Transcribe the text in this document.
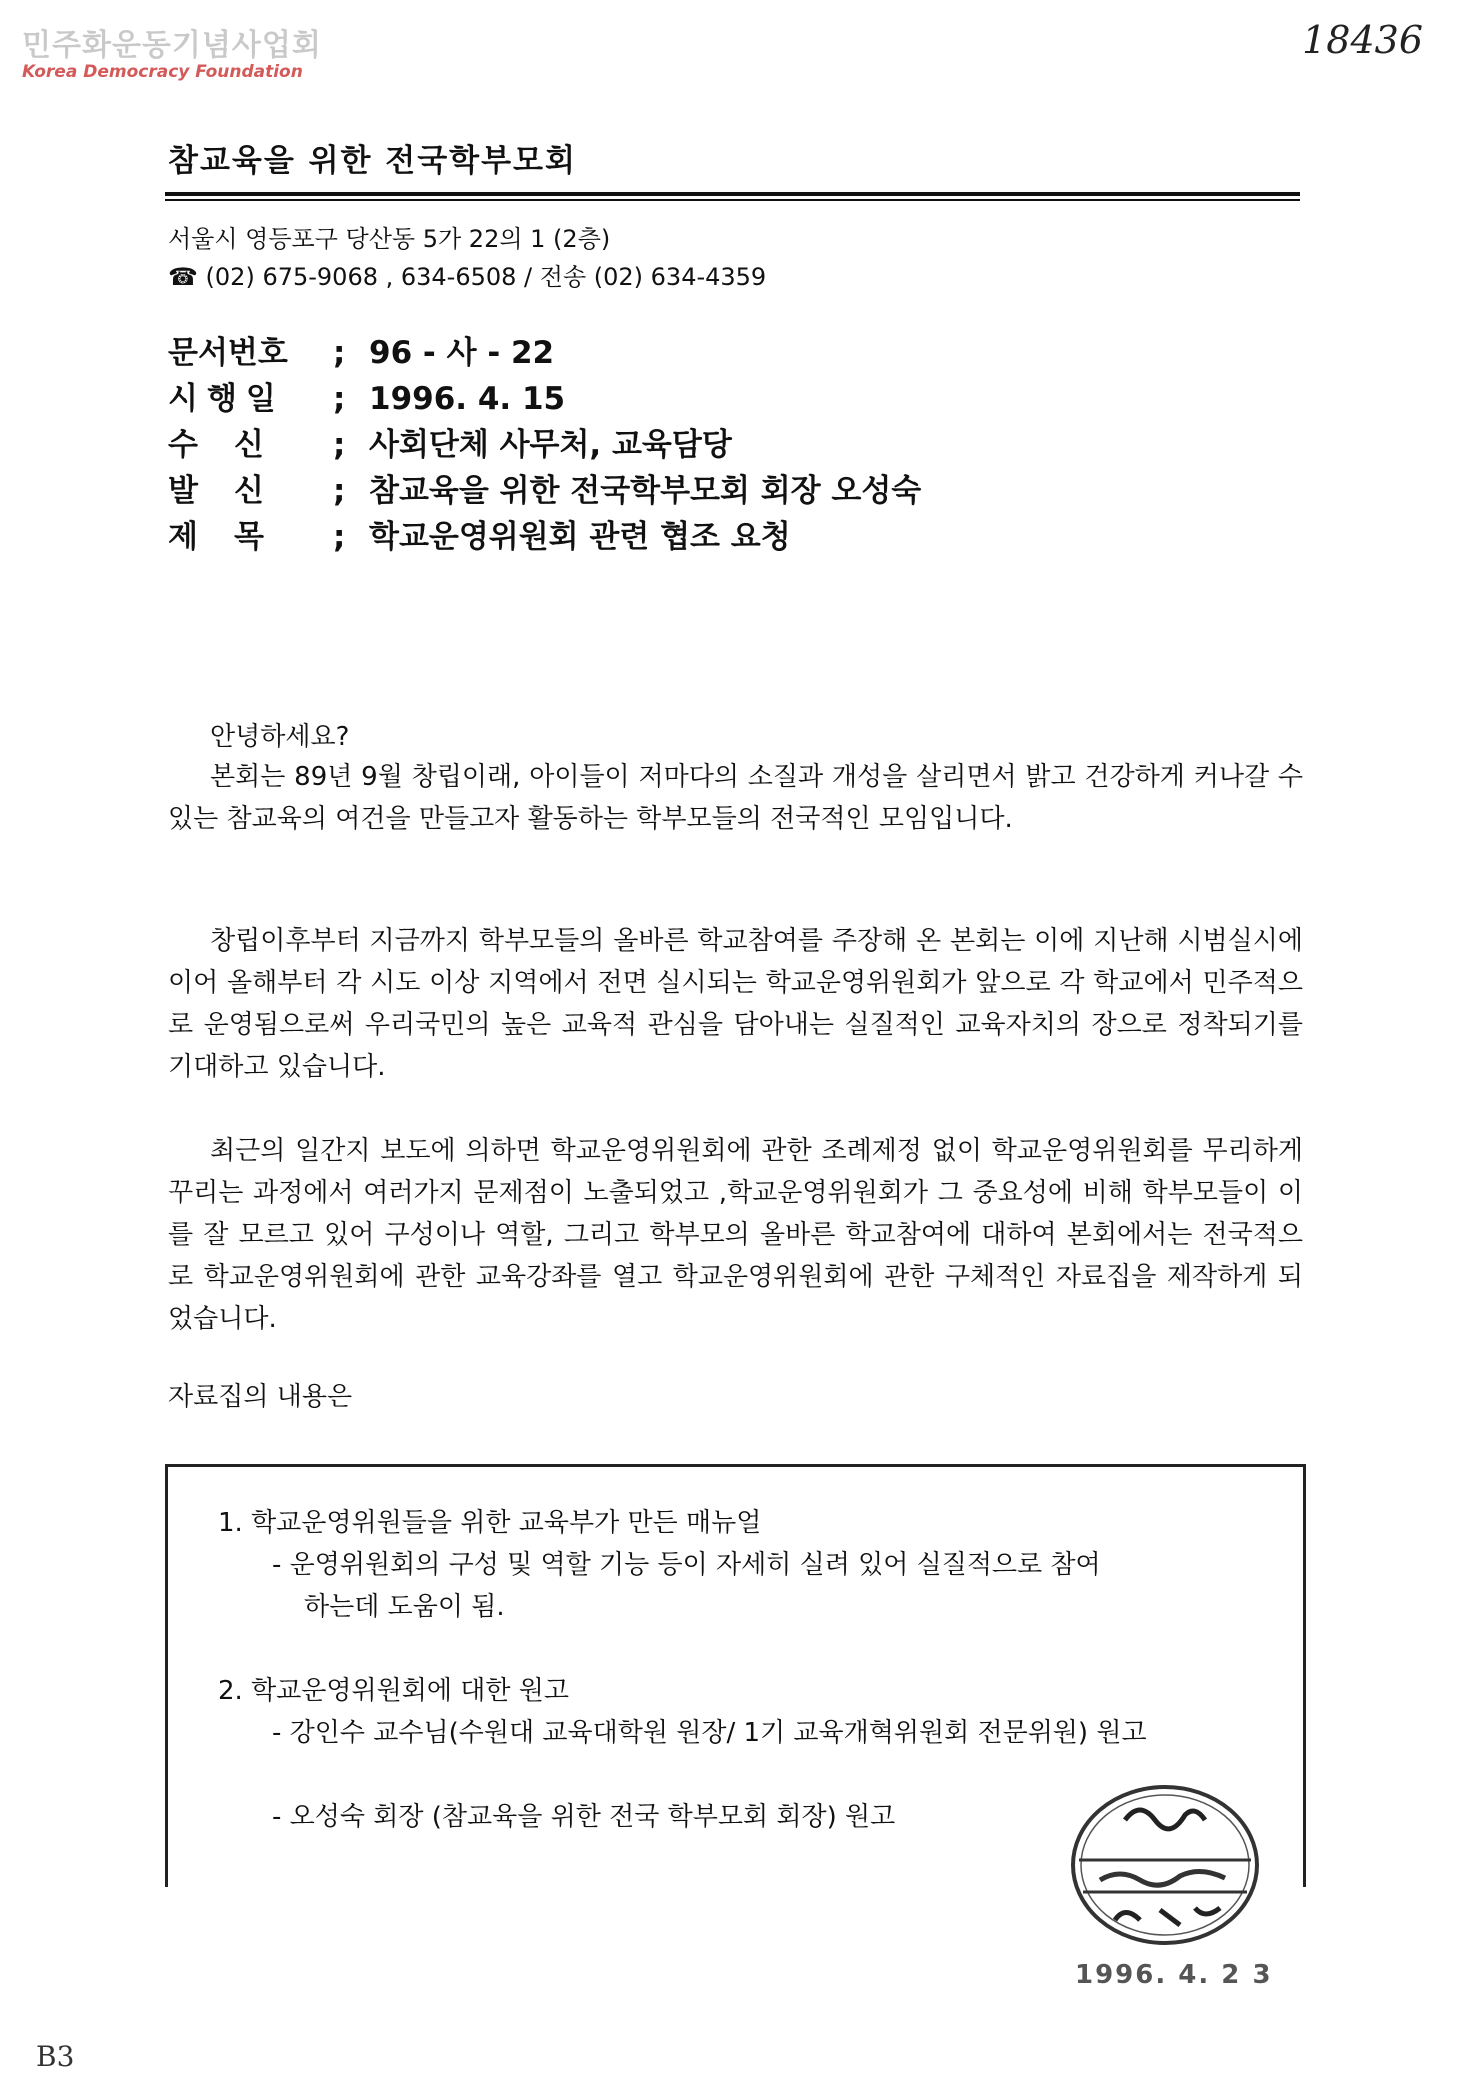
민주화운동기념사업회
Korea Democracy Foundation
18436
참교육을 위한 전국학부모회
서울시 영등포구 당산동 5가 22의 1 (2층)
☎ (02) 675-9068 , 634-6508 / 전송 (02) 634-4359
문서번호	; 96 - 사 - 22
시행일	; 1996. 4. 15
수신	; 사회단체 사무처, 교육담당
발신	; 참교육을 위한 전국학부모회 회장 오성숙
제목	; 학교운영위원회 관련 협조 요청
안녕하세요?
본회는 89년 9월 창립이래, 아이들이 저마다의 소질과 개성을 살리면서 밝고 건강하게 커나갈 수 있는 참교육의 여건을 만들고자 활동하는 학부모들의 전국적인 모임입니다.
창립이후부터 지금까지 학부모들의 올바른 학교참여를 주장해 온 본회는 이에 지난해 시범실시에 이어 올해부터 각 시도 이상 지역에서 전면 실시되는 학교운영위원회가 앞으로 각 학교에서 민주적으로 운영됨으로써 우리국민의 높은 교육적 관심을 담아내는 실질적인 교육자치의 장으로 정착되기를 기대하고 있습니다.
최근의 일간지 보도에 의하면 학교운영위원회에 관한 조례제정 없이 학교운영위원회를 무리하게 꾸리는 과정에서 여러가지 문제점이 노출되었고 ,학교운영위원회가 그 중요성에 비해 학부모들이 이를 잘 모르고 있어 구성이나 역할, 그리고 학부모의 올바른 학교참여에 대하여 본회에서는 전국적으로 학교운영위원회에 관한 교육강좌를 열고 학교운영위원회에 관한 구체적인 자료집을 제작하게 되었습니다.
자료집의 내용은
1. 학교운영위원들을 위한 교육부가 만든 매뉴얼
- 운영위원회의 구성 및 역할 기능 등이 자세히 실려 있어 실질적으로 참여
하는데 도움이 됨.
2. 학교운영위원회에 대한 원고
- 강인수 교수님(수원대 교육대학원 원장/ 1기 교육개혁위원회 전문위원) 원고
- 오성숙 회장 (참교육을 위한 전국 학부모회 회장) 원고
1996. 4. 2 3
B3
